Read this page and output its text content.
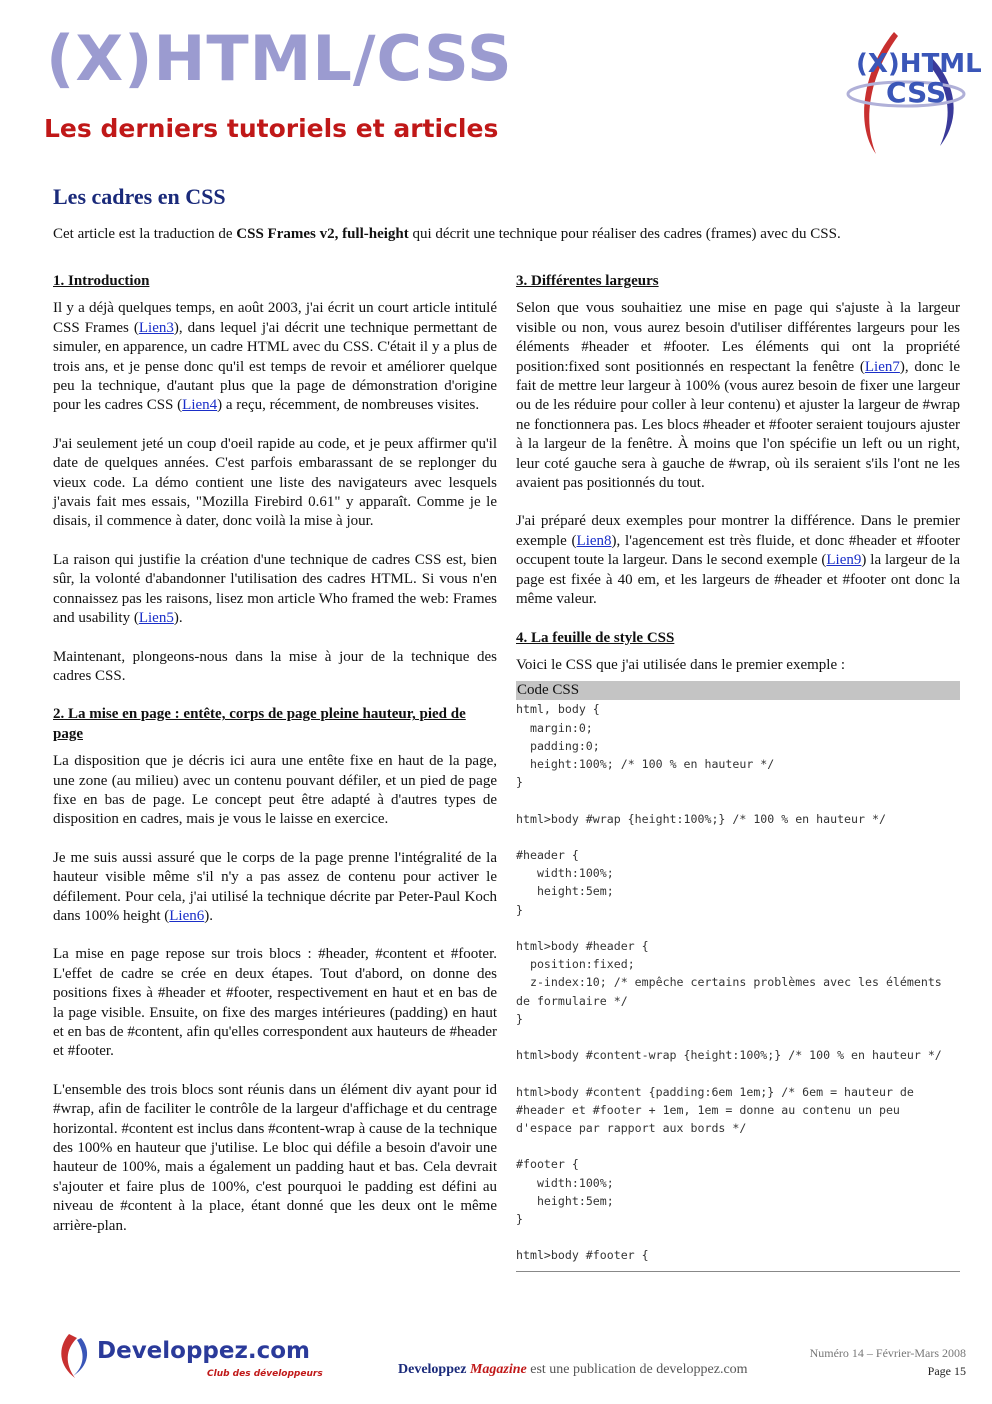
(X)HTML/CSS
Les derniers tutoriels et articles
(X)HTML
CSS
Les cadres en CSS
Cet article est la traduction de CSS Frames v2, full-height qui décrit une technique pour réaliser des cadres (frames) avec du CSS.
1. Introduction

Il y a déjà quelques temps, en août 2003, j'ai écrit un court article intitulé CSS Frames (Lien3), dans lequel j'ai décrit une technique permettant de simuler, en apparence, un cadre HTML avec du CSS. C'était il y a plus de trois ans, et je pense donc qu'il est temps de revoir et améliorer quelque peu la technique, d'autant plus que la page de démonstration d'origine pour les cadres CSS (Lien4) a reçu, récemment, de nombreuses visites.

J'ai seulement jeté un coup d'oeil rapide au code, et je peux affirmer qu'il date de quelques années. C'est parfois embarassant de se replonger du vieux code. La démo contient une liste des navigateurs avec lesquels j'avais fait mes essais, "Mozilla Firebird 0.61" y apparaît. Comme je le disais, il commence à dater, donc voilà la mise à jour.

La raison qui justifie la création d'une technique de cadres CSS est, bien sûr, la volonté d'abandonner l'utilisation des cadres HTML. Si vous n'en connaissez pas les raisons, lisez mon article Who framed the web: Frames and usability (Lien5).

Maintenant, plongeons-nous dans la mise à jour de la technique des cadres CSS.

2. La mise en page : entête, corps de page pleine hauteur, pied de page

La disposition que je décris ici aura une entête fixe en haut de la page, une zone (au milieu) avec un contenu pouvant défiler, et un pied de page fixe en bas de page. Le concept peut être adapté à d'autres types de disposition en cadres, mais je vous le laisse en exercice.

Je me suis aussi assuré que le corps de la page prenne l'intégralité de la hauteur visible même s'il n'y a pas assez de contenu pour activer le défilement. Pour cela, j'ai utilisé la technique décrite par Peter-Paul Koch dans 100% height (Lien6).

La mise en page repose sur trois blocs : #header, #content et #footer. L'effet de cadre se crée en deux étapes. Tout d'abord, on donne des positions fixes à #header et #footer, respectivement en haut et en bas de la page visible. Ensuite, on fixe des marges intérieures (padding) en haut et en bas de #content, afin qu'elles correspondent aux hauteurs de #header et #footer.

L'ensemble des trois blocs sont réunis dans un élément div ayant pour id #wrap, afin de faciliter le contrôle de la largeur d'affichage et du centrage horizontal. #content est inclus dans #content-wrap à cause de la technique des 100% en hauteur que j'utilise. Le bloc qui défile a besoin d'avoir une hauteur de 100%, mais a également un padding haut et bas. Cela devrait s'ajouter et faire plus de 100%, c'est pourquoi le padding est défini au niveau de #content à la place, étant donné que les deux ont le même arrière-plan.

3. Différentes largeurs

Selon que vous souhaitiez une mise en page qui s'ajuste à la largeur visible ou non, vous aurez besoin d'utiliser différentes largeurs pour les éléments #header et #footer. Les éléments qui ont la propriété position:fixed sont positionnés en respectant la fenêtre (Lien7), donc le fait de mettre leur largeur à 100% (vous aurez besoin de fixer une largeur ou de les réduire pour coller à leur contenu) et ajuster la largeur de #wrap ne fonctionnera pas. Les blocs #header et #footer seraient toujours ajuster à la largeur de la fenêtre. À moins que l'on spécifie un left ou un right, leur coté gauche sera à gauche de #wrap, où ils seraient s'ils l'ont ne les avaient pas positionnés du tout.

J'ai préparé deux exemples pour montrer la différence. Dans le premier exemple (Lien8), l'agencement est très fluide, et donc #header et #footer occupent toute la largeur. Dans le second exemple (Lien9) la largeur de la page est fixée à 40 em, et les largeurs de #header et #footer ont donc la même valeur.

4. La feuille de style CSS

Voici le CSS que j'ai utilisée dans le premier exemple :

Code CSS
html, body {
margin:0;
padding:0;
height:100%; /* 100 % en hauteur */
}

html>body #wrap {height:100%;} /* 100 % en hauteur */

#header {
width:100%;
height:5em;
}

html>body #header {
position:fixed;
z-index:10; /* empêche certains problèmes avec les éléments de formulaire */
}

html>body #content-wrap {height:100%;} /* 100 % en hauteur */

html>body #content {padding:6em 1em;} /* 6em = hauteur de #header et #footer + 1em, 1em = donne au contenu un peu d'espace par rapport aux bords */

#footer {
width:100%;
height:5em;
}

html>body #footer {
Developpez.com
Club des développeurs
Numéro 14 – Février-Mars 2008
Developpez Magazine est une publication de developpez.com	Page 15
